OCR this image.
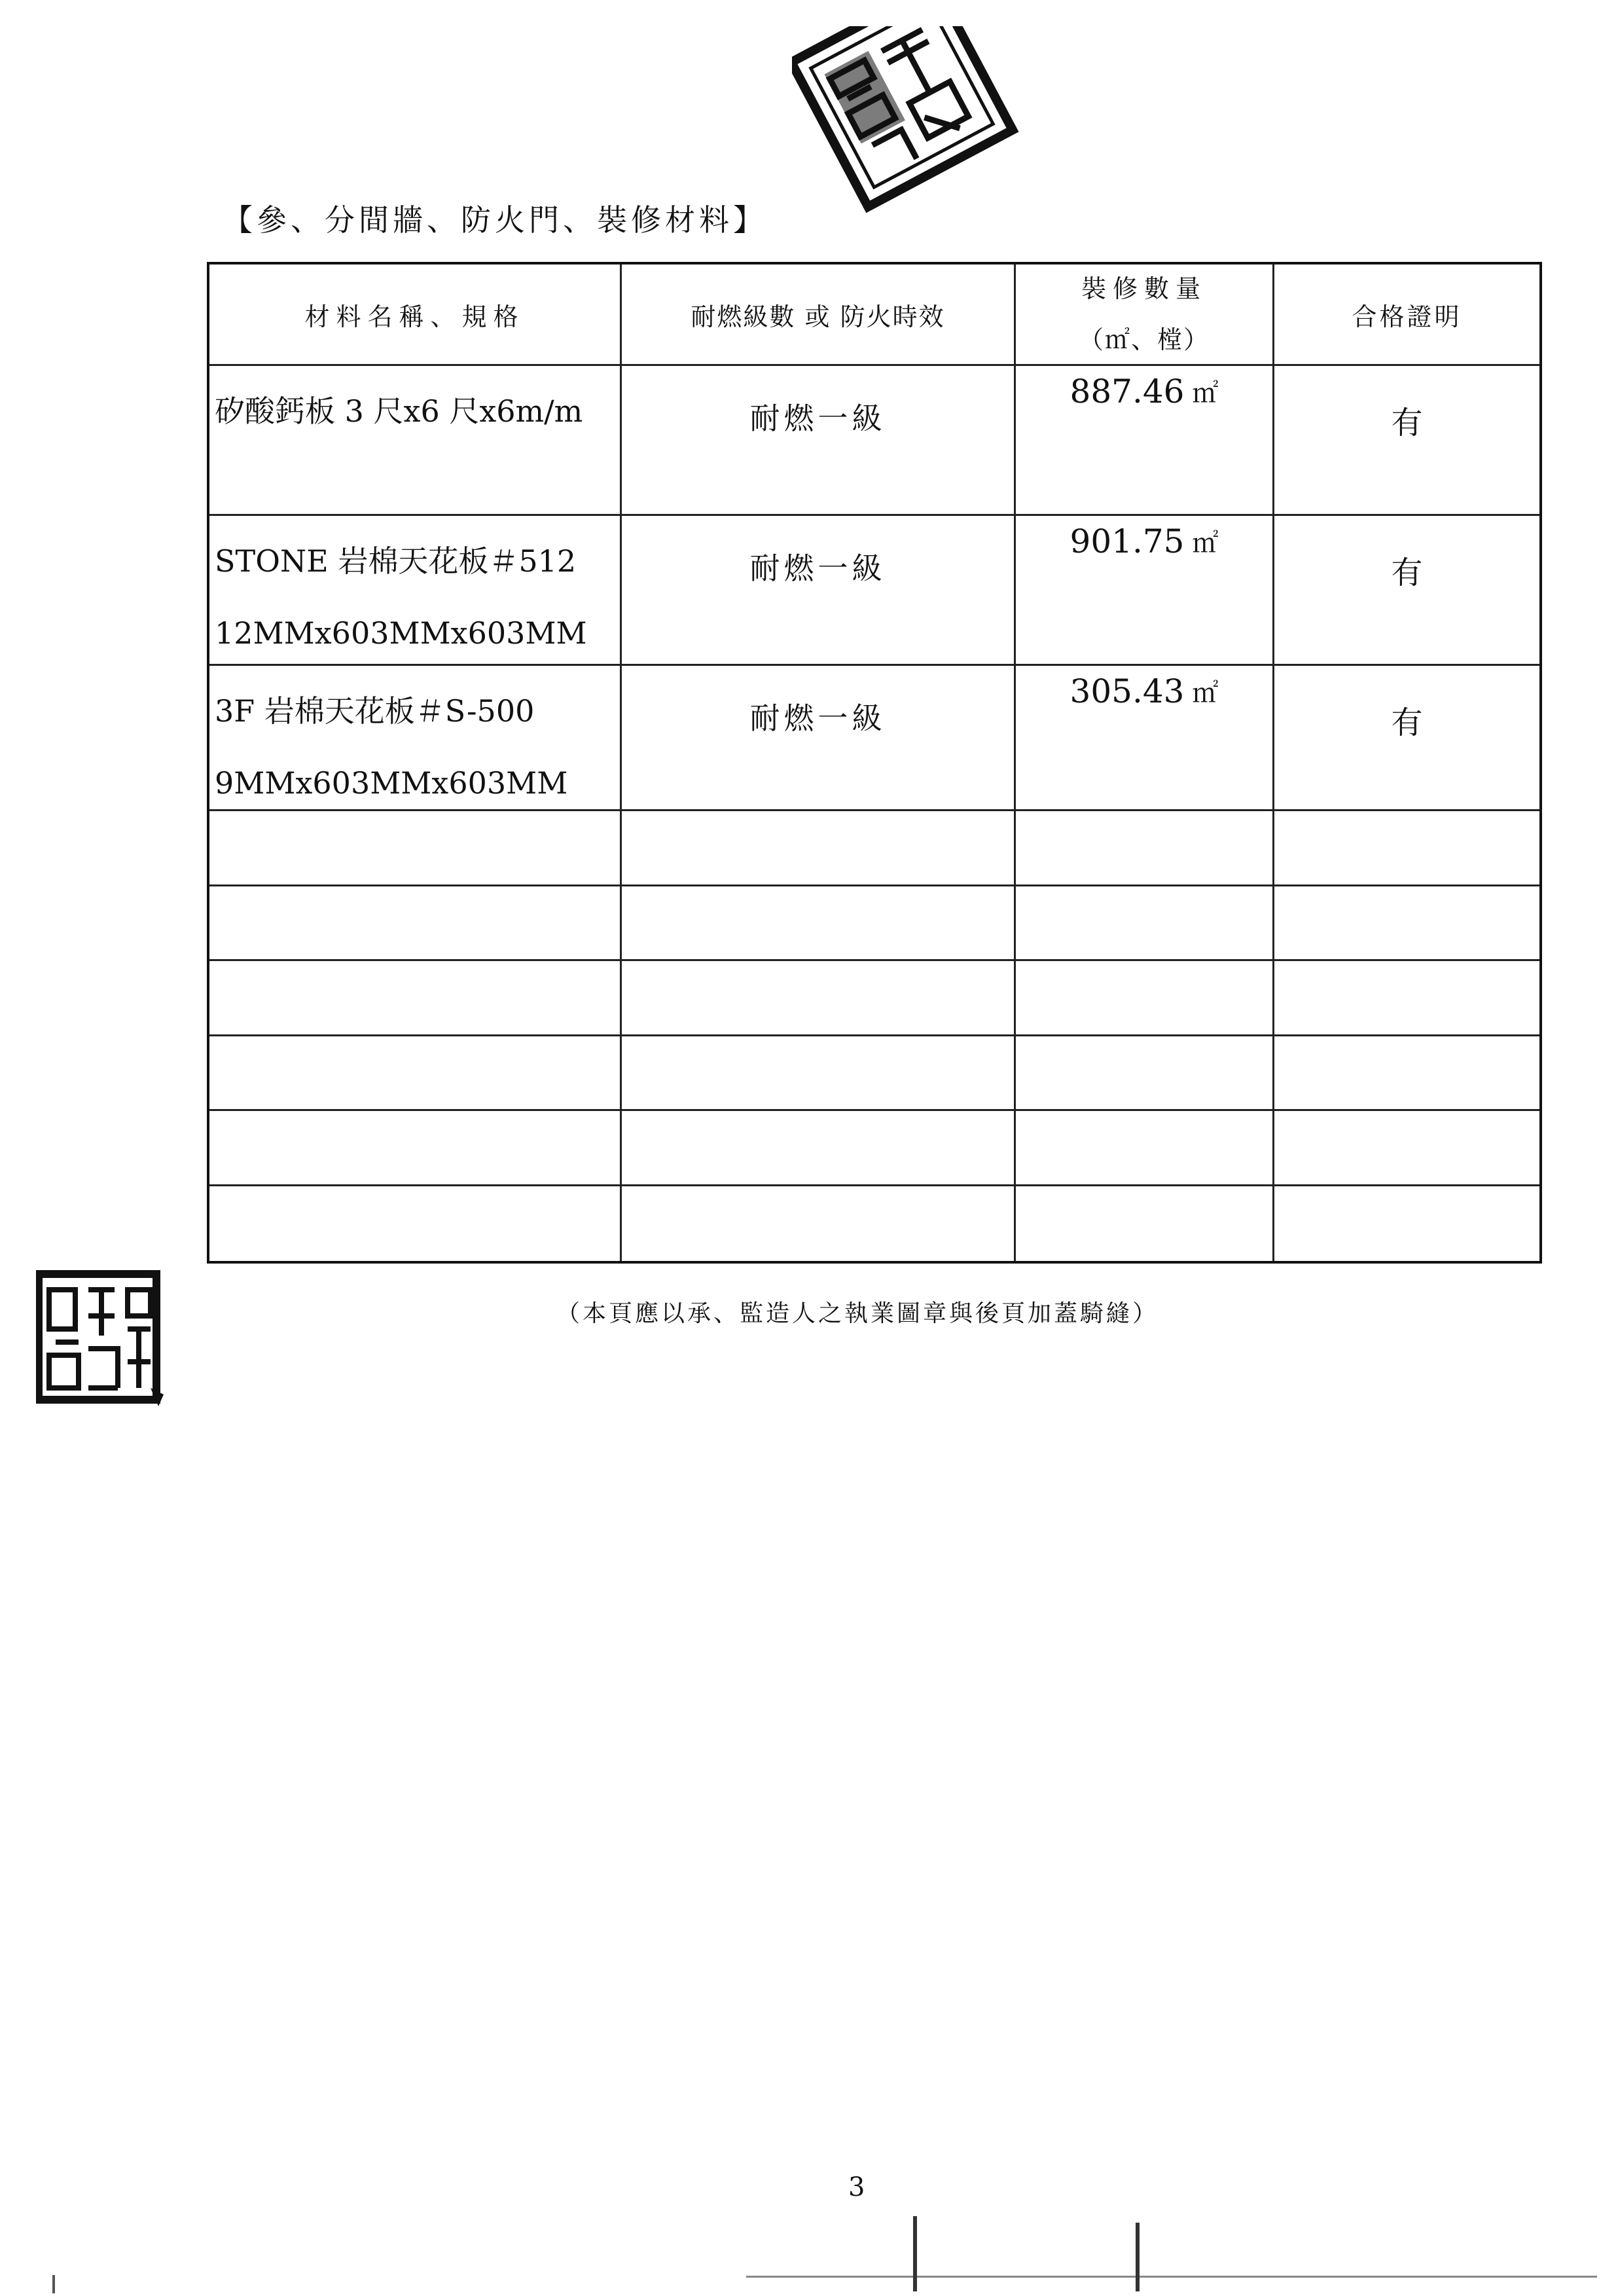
【參、分間牆、防火門、裝修材料】
材料名稱、規格	耐燃級數 或 防火時效
裝修數量
（㎡、樘）
合格證明
矽酸鈣板 3 尺x6 尺x6m/m	耐燃一級
887.46 ㎡
有
STONE 岩棉天花板＃512
12MMx603MMx603MM
耐燃一級
901.75 ㎡
有
3F 岩棉天花板＃S-500
9MMx603MMx603MM
耐燃一級
305.43 ㎡
有
（本頁應以承、監造人之執業圖章與後頁加蓋騎縫）
3
